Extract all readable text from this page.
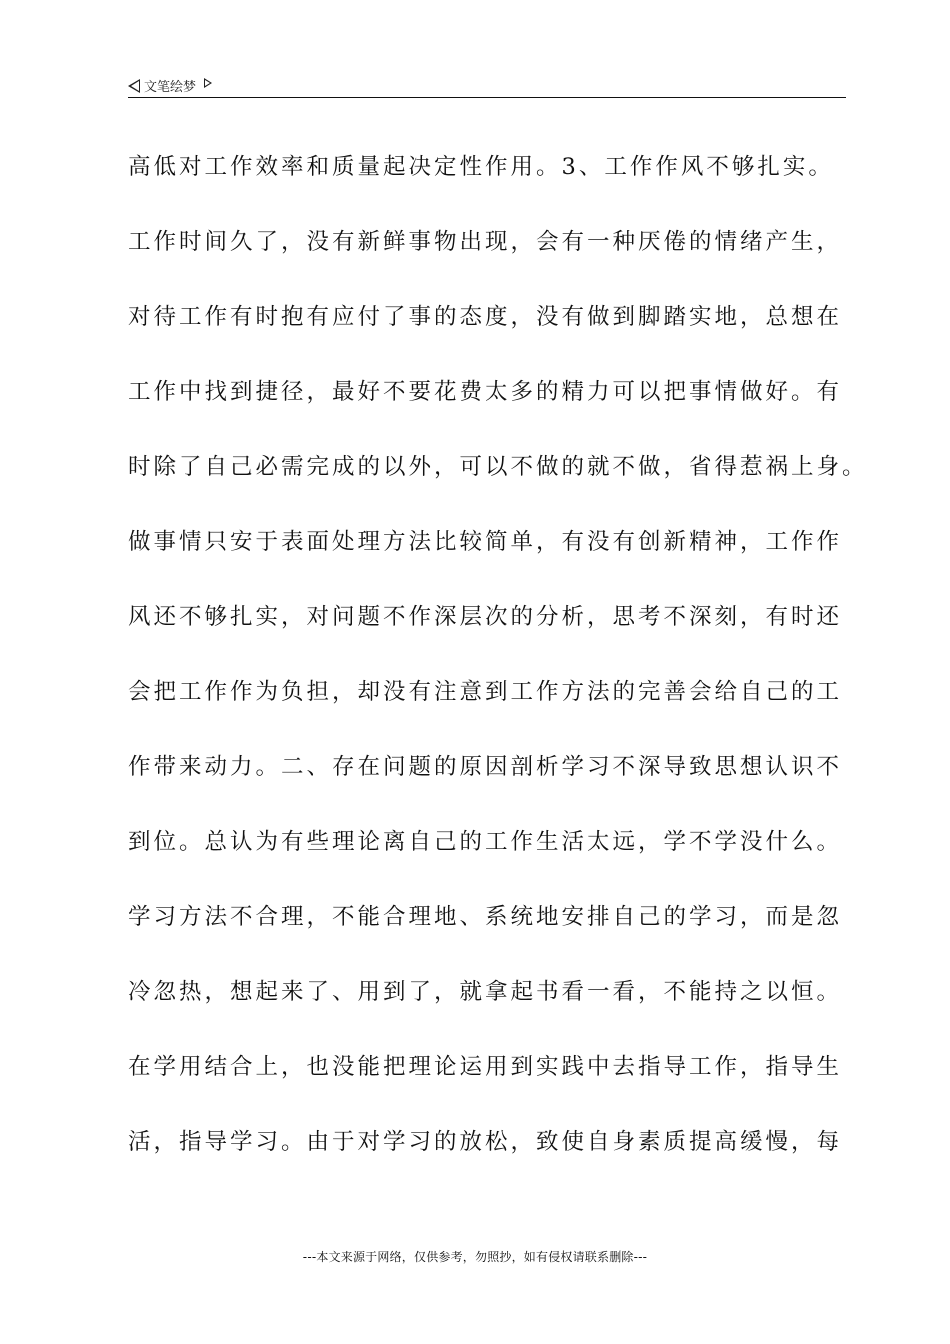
文笔绘梦
高低对工作效率和质量起决定性作用。3、工作作风不够扎实。
工作时间久了，没有新鲜事物出现，会有一种厌倦的情绪产生，
对待工作有时抱有应付了事的态度，没有做到脚踏实地，总想在
工作中找到捷径，最好不要花费太多的精力可以把事情做好。有
时除了自己必需完成的以外，可以不做的就不做，省得惹祸上身。
做事情只安于表面处理方法比较简单，有没有创新精神，工作作
风还不够扎实，对问题不作深层次的分析，思考不深刻，有时还
会把工作作为负担，却没有注意到工作方法的完善会给自己的工
作带来动力。二、存在问题的原因剖析学习不深导致思想认识不
到位。总认为有些理论离自己的工作生活太远，学不学没什么。
学习方法不合理，不能合理地、系统地安排自己的学习，而是忽
冷忽热，想起来了、用到了，就拿起书看一看，不能持之以恒。
在学用结合上，也没能把理论运用到实践中去指导工作，指导生
活，指导学习。由于对学习的放松，致使自身素质提高缓慢，每
---本文来源于网络，仅供参考，勿照抄，如有侵权请联系删除---
